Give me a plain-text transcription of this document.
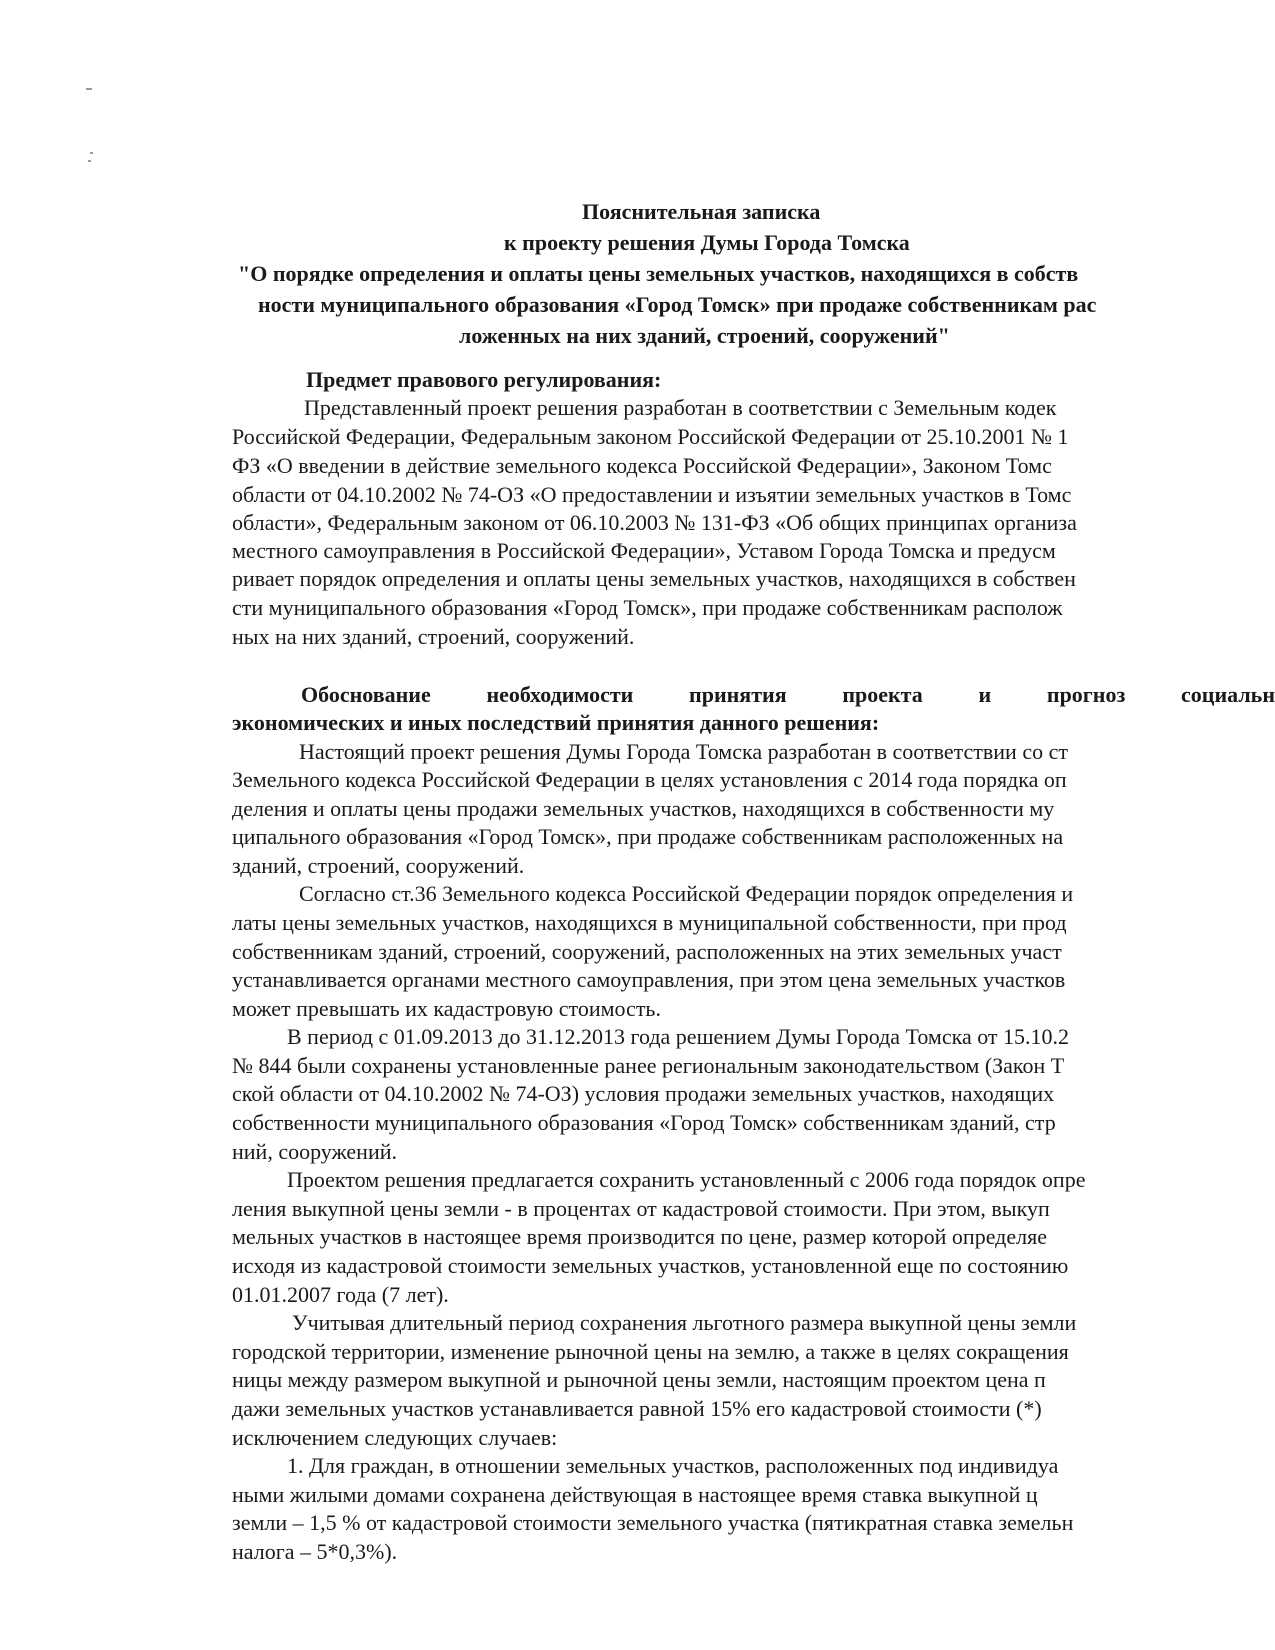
Пояснительная записка
к проекту решения Думы Города Томска
"О порядке определения и оплаты цены земельных участков, находящихся в собств
ности муниципального образования «Город Томск» при продаже собственникам рас
ложенных на них зданий, строений, сооружений"
Предмет правового регулирования:
Представленный проект решения разработан в соответствии с Земельным кодек
Российской Федерации, Федеральным законом Российской Федерации от 25.10.2001 № 1
ФЗ «О введении в действие земельного кодекса Российской Федерации», Законом Томс
области от 04.10.2002 № 74-ОЗ «О предоставлении и изъятии земельных участков в Томс
области», Федеральным законом от 06.10.2003 № 131-ФЗ «Об общих принципах организа
местного самоуправления в Российской Федерации», Уставом Города Томска и предусм
ривает порядок определения и оплаты цены земельных участков, находящихся в собствен
сти муниципального образования «Город Томск», при продаже собственникам располож
ных на них зданий, строений, сооружений.
Обоснование	необходимости	принятия	проекта	и	прогноз	социальн
экономических и иных последствий принятия данного решения:
Настоящий проект решения Думы Города Томска разработан в соответствии со ст
Земельного кодекса Российской Федерации в целях установления с 2014 года порядка оп
деления и оплаты цены продажи земельных участков, находящихся в собственности му
ципального образования «Город Томск», при продаже собственникам расположенных на
зданий, строений, сооружений.
Согласно ст.36 Земельного кодекса Российской Федерации порядок определения и
латы цены земельных участков, находящихся в муниципальной собственности, при прод
собственникам зданий, строений, сооружений, расположенных на этих земельных участ
устанавливается органами местного самоуправления, при этом цена земельных участков
может превышать их кадастровую стоимость.
В период с 01.09.2013 до 31.12.2013 года решением Думы Города Томска от 15.10.2
№ 844 были сохранены установленные ранее региональным законодательством (Закон Т
ской области от 04.10.2002 № 74-ОЗ) условия продажи земельных участков, находящих
собственности муниципального образования «Город Томск» собственникам зданий, стр
ний, сооружений.
Проектом решения предлагается сохранить установленный с 2006 года порядок опре
ления выкупной цены земли - в процентах от кадастровой стоимости. При этом, выкуп
мельных участков в настоящее время производится по цене, размер которой определяе
исходя из кадастровой стоимости земельных участков, установленной еще по состоянию
01.01.2007 года (7 лет).
Учитывая длительный период сохранения льготного размера выкупной цены земли
городской территории, изменение рыночной цены на землю, а также в целях сокращения
ницы между размером выкупной и рыночной цены земли, настоящим проектом цена п
дажи земельных участков устанавливается равной 15% его кадастровой стоимости (*)
исключением следующих случаев:
1. Для граждан, в отношении земельных участков, расположенных под индивидуа
ными жилыми домами сохранена действующая в настоящее время ставка выкупной ц
земли – 1,5 % от кадастровой стоимости земельного участка (пятикратная ставка земельн
налога – 5*0,3%).
